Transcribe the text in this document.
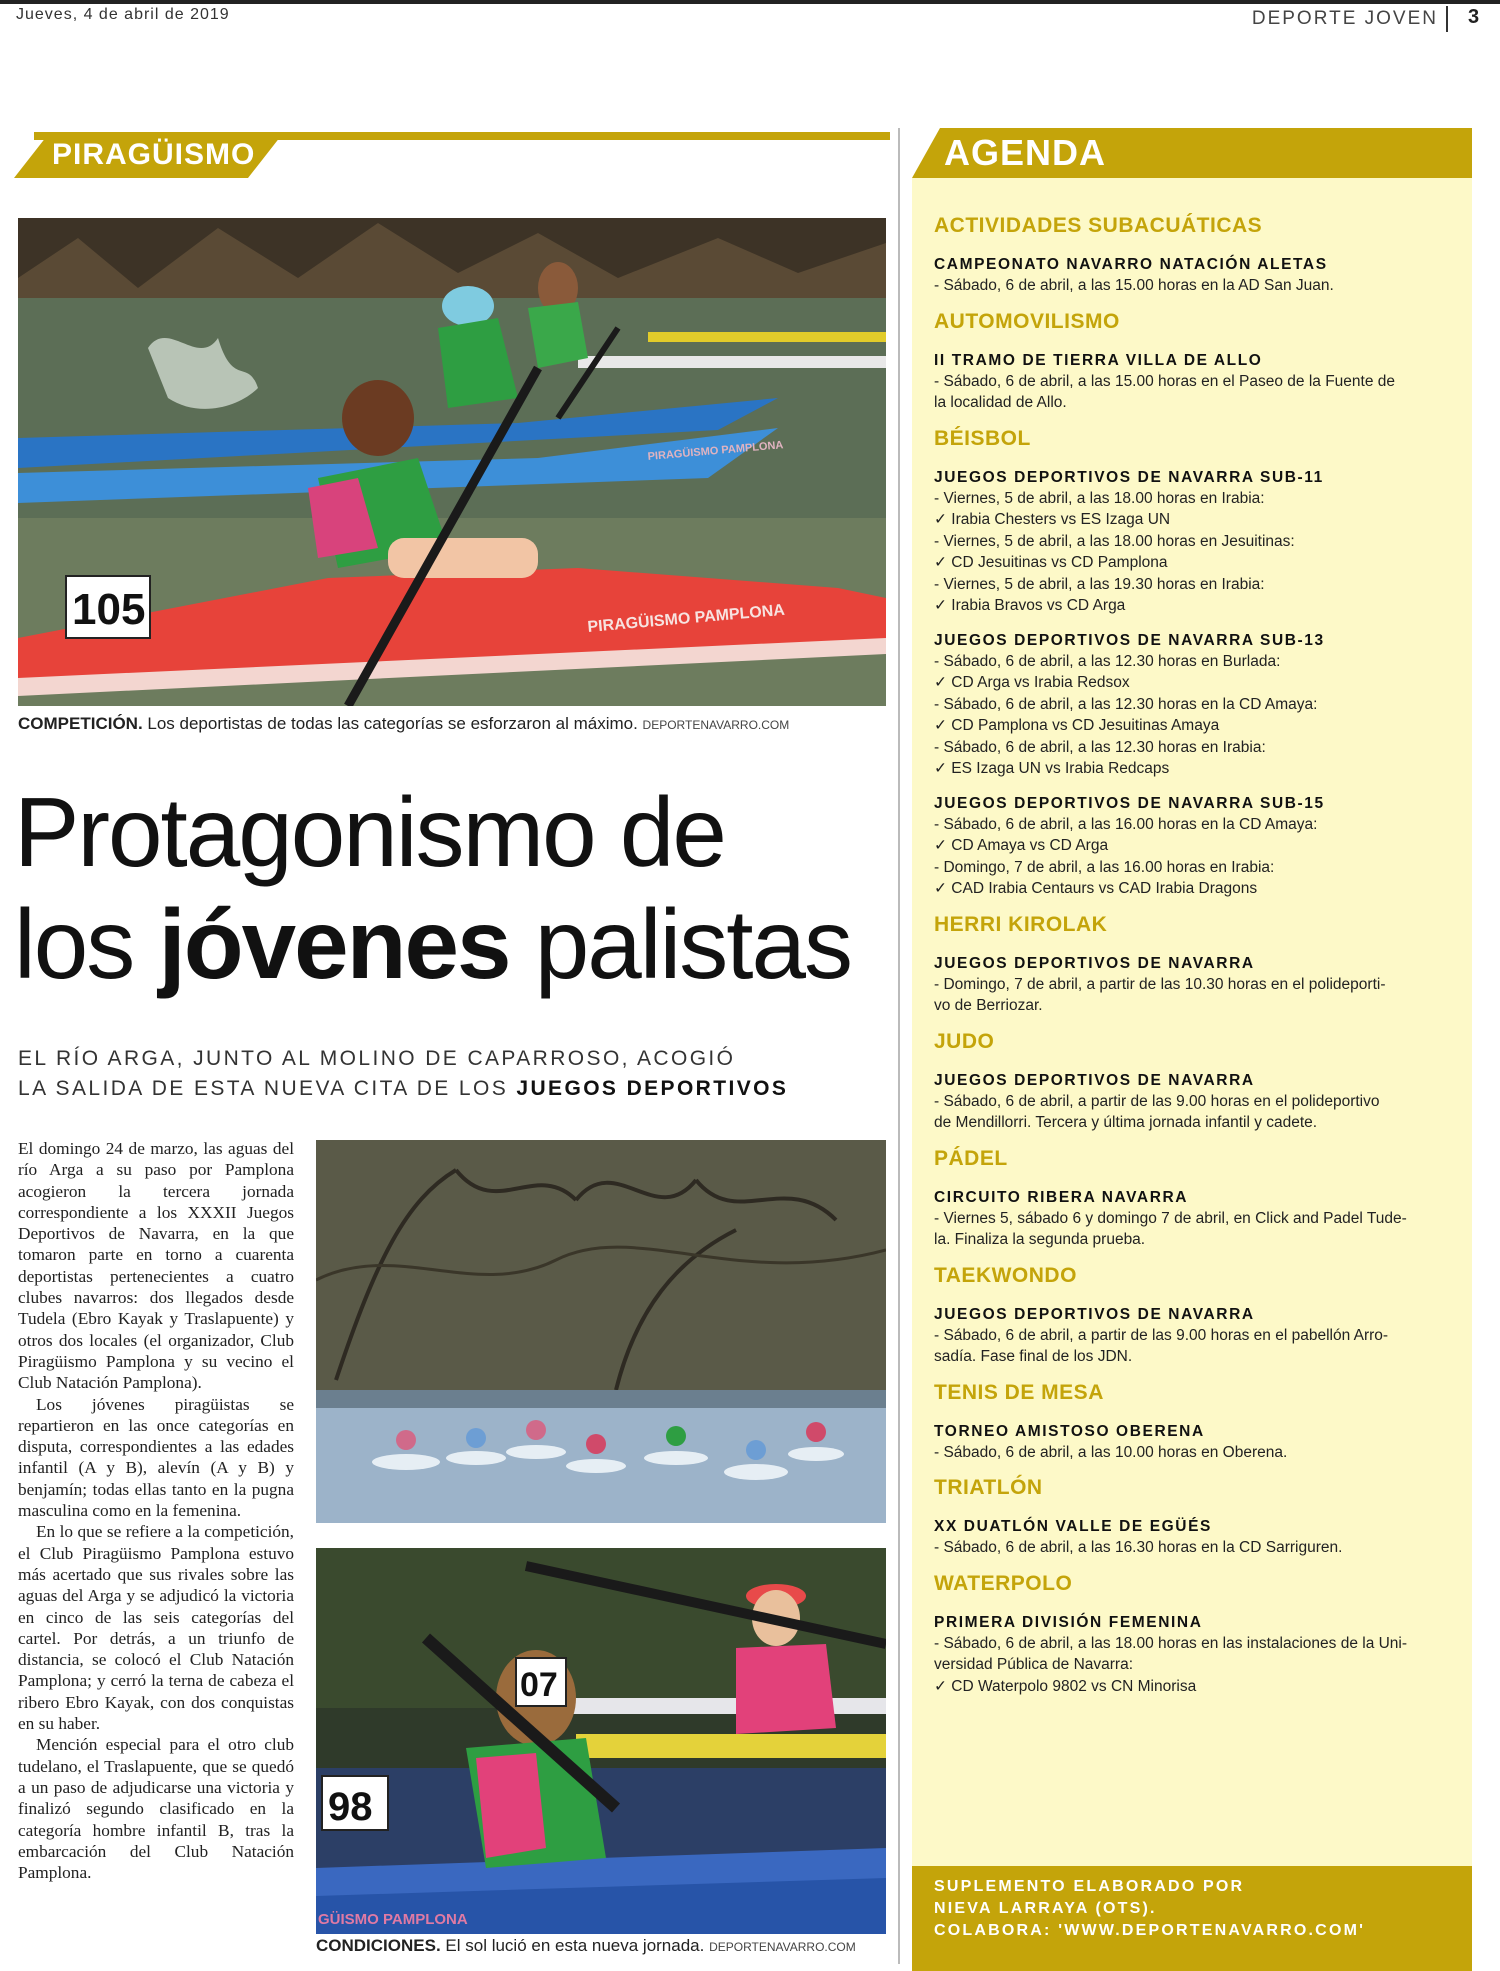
Jueves, 4 de abril de 2019	DEPORTE JOVEN 3
PIRAGÜISMO
105	PIRAGÜISMO PAMPLONA
PIRAGÜISMO PAMPLONA
COMPETICIÓN. Los deportistas de todas las categorías se esforzaron al máximo. DEPORTENAVARRO.COM
Protagonismo de
los jóvenes palistas
EL RÍO ARGA, JUNTO AL MOLINO DE CAPARROSO, ACOGIÓ
LA SALIDA DE ESTA NUEVA CITA DE LOS JUEGOS DEPORTIVOS

El domingo 24 de marzo, las aguas del río Arga a su paso por Pamplona acogieron la tercera jornada correspondiente a los XXXII Juegos Deportivos de Navarra, en la que tomaron parte en torno a cuarenta deportistas pertenecientes a cuatro clubes navarros: dos llegados desde Tudela (Ebro Kayak y Traslapuente) y otros dos locales (el organizador, Club Piragüismo Pamplona y su vecino el Club Natación Pamplona).

Los jóvenes piragüistas se repartieron en las once categorías en disputa, correspondientes a las edades infantil (A y B), alevín (A y B) y benjamín; todas ellas tanto en la pugna masculina como en la femenina.

En lo que se refiere a la competición, el Club Piragüismo Pamplona estuvo más acertado que sus rivales sobre las aguas del Arga y se adjudicó la victoria en cinco de las seis categorías del cartel. Por detrás, a un triunfo de distancia, se colocó el Club Natación Pamplona; y cerró la terna de cabeza el ribero Ebro Kayak, con dos conquistas en su haber.

Mención especial para el otro club tudelano, el Traslapuente, que se quedó a un paso de adjudicarse una victoria y finalizó segundo clasificado en la categoría hombre infantil B, tras la embarcación del Club Natación Pamplona.

98
07
GÜISMO PAMPLONA
CONDICIONES. El sol lució en esta nueva jornada. DEPORTENAVARRO.COM
AGENDA
ACTIVIDADES SUBACUÁTICAS
CAMPEONATO NAVARRO NATACIÓN ALETAS
- Sábado, 6 de abril, a las 15.00 horas en la AD San Juan.
AUTOMOVILISMO
II TRAMO DE TIERRA VILLA DE ALLO
- Sábado, 6 de abril, a las 15.00 horas en el Paseo de la Fuente de
la localidad de Allo.
BÉISBOL
JUEGOS DEPORTIVOS DE NAVARRA SUB-11
- Viernes, 5 de abril, a las 18.00 horas en Irabia:
✓ Irabia Chesters vs ES Izaga UN
- Viernes, 5 de abril, a las 18.00 horas en Jesuitinas:
✓ CD Jesuitinas vs CD Pamplona
- Viernes, 5 de abril, a las 19.30 horas en Irabia:
✓ Irabia Bravos vs CD Arga
JUEGOS DEPORTIVOS DE NAVARRA SUB-13
- Sábado, 6 de abril, a las 12.30 horas en Burlada:
✓ CD Arga vs Irabia Redsox
- Sábado, 6 de abril, a las 12.30 horas en la CD Amaya:
✓ CD Pamplona vs CD Jesuitinas Amaya
- Sábado, 6 de abril, a las 12.30 horas en Irabia:
✓ ES Izaga UN vs Irabia Redcaps
JUEGOS DEPORTIVOS DE NAVARRA SUB-15
- Sábado, 6 de abril, a las 16.00 horas en la CD Amaya:
✓ CD Amaya vs CD Arga
- Domingo, 7 de abril, a las 16.00 horas en Irabia:
✓ CAD Irabia Centaurs vs CAD Irabia Dragons
HERRI KIROLAK
JUEGOS DEPORTIVOS DE NAVARRA
- Domingo, 7 de abril, a partir de las 10.30 horas en el polideporti-
vo de Berriozar.
JUDO
JUEGOS DEPORTIVOS DE NAVARRA
- Sábado, 6 de abril, a partir de las 9.00 horas en el polideportivo
de Mendillorri. Tercera y última jornada infantil y cadete.
PÁDEL
CIRCUITO RIBERA NAVARRA
- Viernes 5, sábado 6 y domingo 7 de abril, en Click and Padel Tude-
la. Finaliza la segunda prueba.
TAEKWONDO
JUEGOS DEPORTIVOS DE NAVARRA
- Sábado, 6 de abril, a partir de las 9.00 horas en el pabellón Arro-
sadía. Fase final de los JDN.
TENIS DE MESA
TORNEO AMISTOSO OBERENA
- Sábado, 6 de abril, a las 10.00 horas en Oberena.
TRIATLÓN
XX DUATLÓN VALLE DE EGÜÉS
- Sábado, 6 de abril, a las 16.30 horas en la CD Sarriguren.
WATERPOLO
PRIMERA DIVISIÓN FEMENINA
- Sábado, 6 de abril, a las 18.00 horas en las instalaciones de la Uni-
versidad Pública de Navarra:
✓ CD Waterpolo 9802 vs CN Minorisa
SUPLEMENTO ELABORADO POR
NIEVA LARRAYA (OTS).
COLABORA: 'WWW.DEPORTENAVARRO.COM'
